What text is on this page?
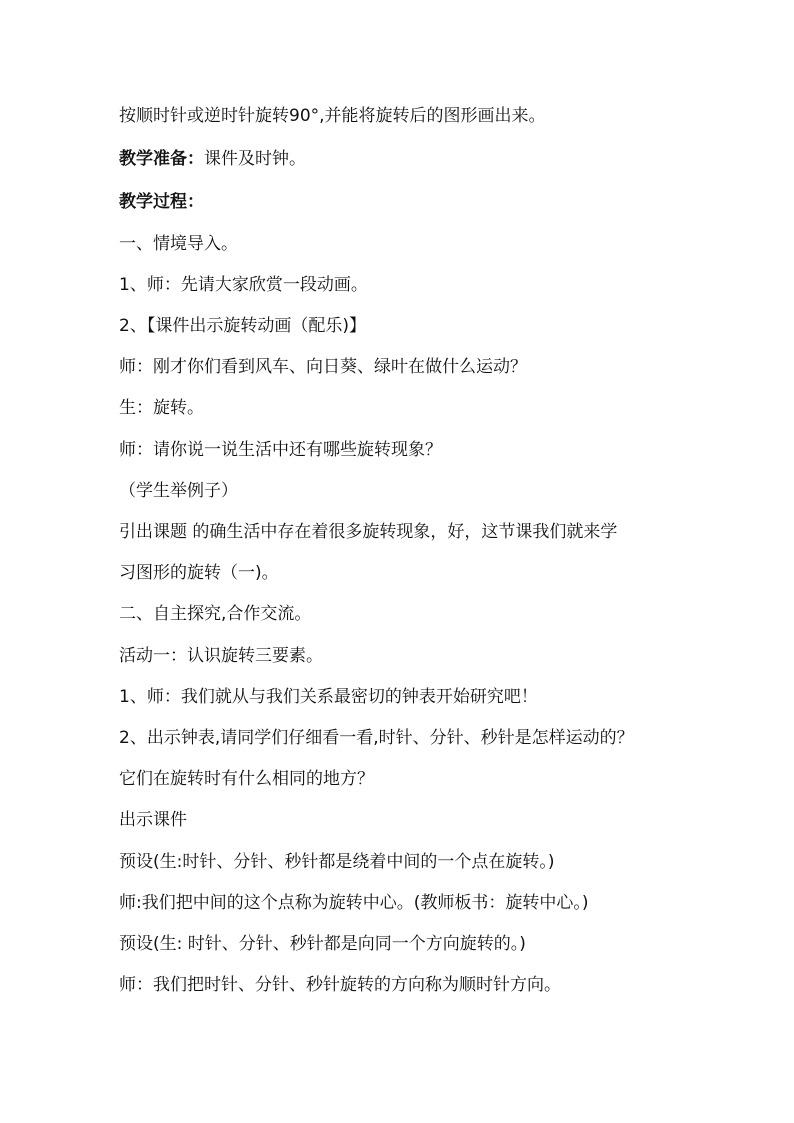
按顺时针或逆时针旋转90°,并能将旋转后的图形画出来。
教学准备：课件及时钟。
教学过程：
一、情境导入。
1、师：先请大家欣赏一段动画。
2、【课件出示旋转动画（配乐)】
师：刚才你们看到风车、向日葵、绿叶在做什么运动？
生：旋转。
师：请你说一说生活中还有哪些旋转现象？
（学生举例子）
引出课题 的确生活中存在着很多旋转现象，好，这节课我们就来学
习图形的旋转（一)。
二、自主探究,合作交流。
活动一：认识旋转三要素。
1、师：我们就从与我们关系最密切的钟表开始研究吧！
2、出示钟表,请同学们仔细看一看,时针、分针、秒针是怎样运动的？
它们在旋转时有什么相同的地方？
出示课件
预设(生:时针、分针、秒针都是绕着中间的一个点在旋转。)
师:我们把中间的这个点称为旋转中心。(教师板书：旋转中心。)
预设(生: 时针、分针、秒针都是向同一个方向旋转的。)
师：我们把时针、分针、秒针旋转的方向称为顺时针方向。
